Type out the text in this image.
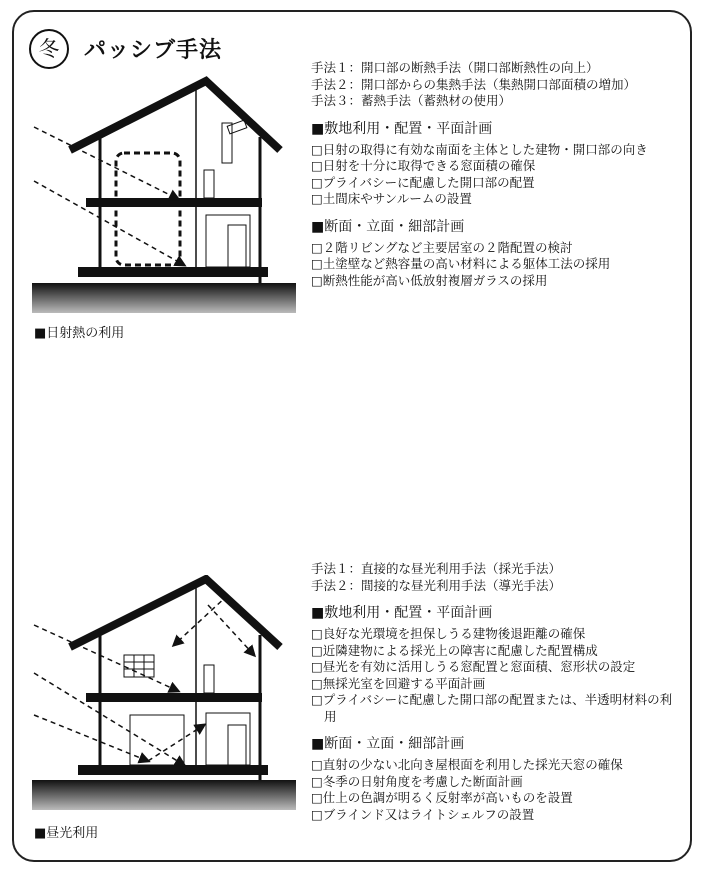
冬	パッシブ手法

手法１：開口部の断熱手法（開口部断熱性の向上）

手法２：開口部からの集熱手法（集熱開口部面積の増加）

手法３：蓄熱手法（蓄熱材の使用）

■敷地利用・配置・平面計画

□日射の取得に有効な南面を主体とした建物・開口部の向き

□日射を十分に取得できる窓面積の確保

□プライバシーに配慮した開口部の配置

□土間床やサンルームの設置

■断面・立面・細部計画

□２階リビングなど主要居室の２階配置の検討

□土塗壁など熱容量の高い材料による躯体工法の採用

□断熱性能が高い低放射複層ガラスの採用

手法１：直接的な昼光利用手法（採光手法）

手法２：間接的な昼光利用手法（導光手法）

■敷地利用・配置・平面計画

□良好な光環境を担保しうる建物後退距離の確保

□近隣建物による採光上の障害に配慮した配置構成

□昼光を有効に活用しうる窓配置と窓面積、窓形状の設定

□無採光室を回避する平面計画

□プライバシーに配慮した開口部の配置または、半透明材料の利用

■断面・立面・細部計画

□直射の少ない北向き屋根面を利用した採光天窓の確保

□冬季の日射角度を考慮した断面計画

□仕上の色調が明るく反射率が高いものを設置

□ブラインド又はライトシェルフの設置

■日射熱の利用
■昼光利用
